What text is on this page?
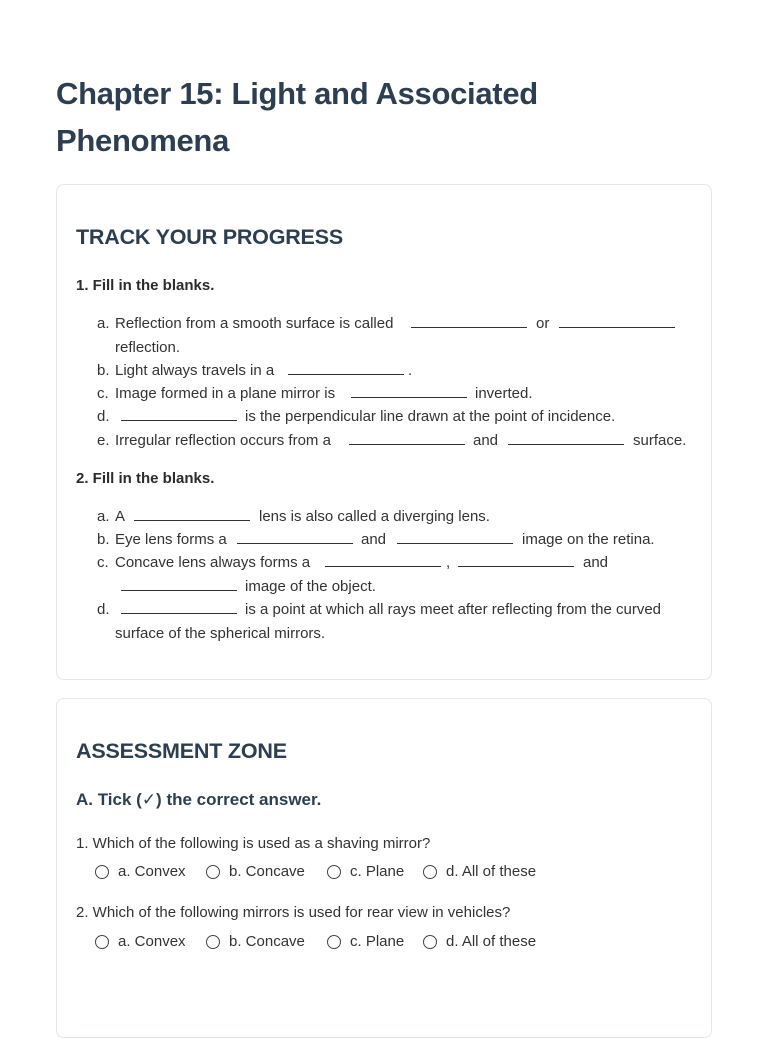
Chapter 15: Light and Associated Phenomena
TRACK YOUR PROGRESS
1. Fill in the blanks.
a. Reflection from a smooth surface is called	or
reflection.
b. Light always travels in a	.
c. Image formed in a plane mirror is	inverted.
d.	is the perpendicular line drawn at the point of incidence.
e. Irregular reflection occurs from a	and	surface.
2. Fill in the blanks.
a. A	lens is also called a diverging lens.
b. Eye lens forms a	and	image on the retina.
c. Concave lens always forms a	,	and
image of the object.
d.	is a point at which all rays meet after reflecting from the curved
surface of the spherical mirrors.
ASSESSMENT ZONE
A. Tick (✓) the correct answer.
1. Which of the following is used as a shaving mirror?
a. Convex	b. Concave	c. Plane	d. All of these
2. Which of the following mirrors is used for rear view in vehicles?
a. Convex	b. Concave	c. Plane	d. All of these
